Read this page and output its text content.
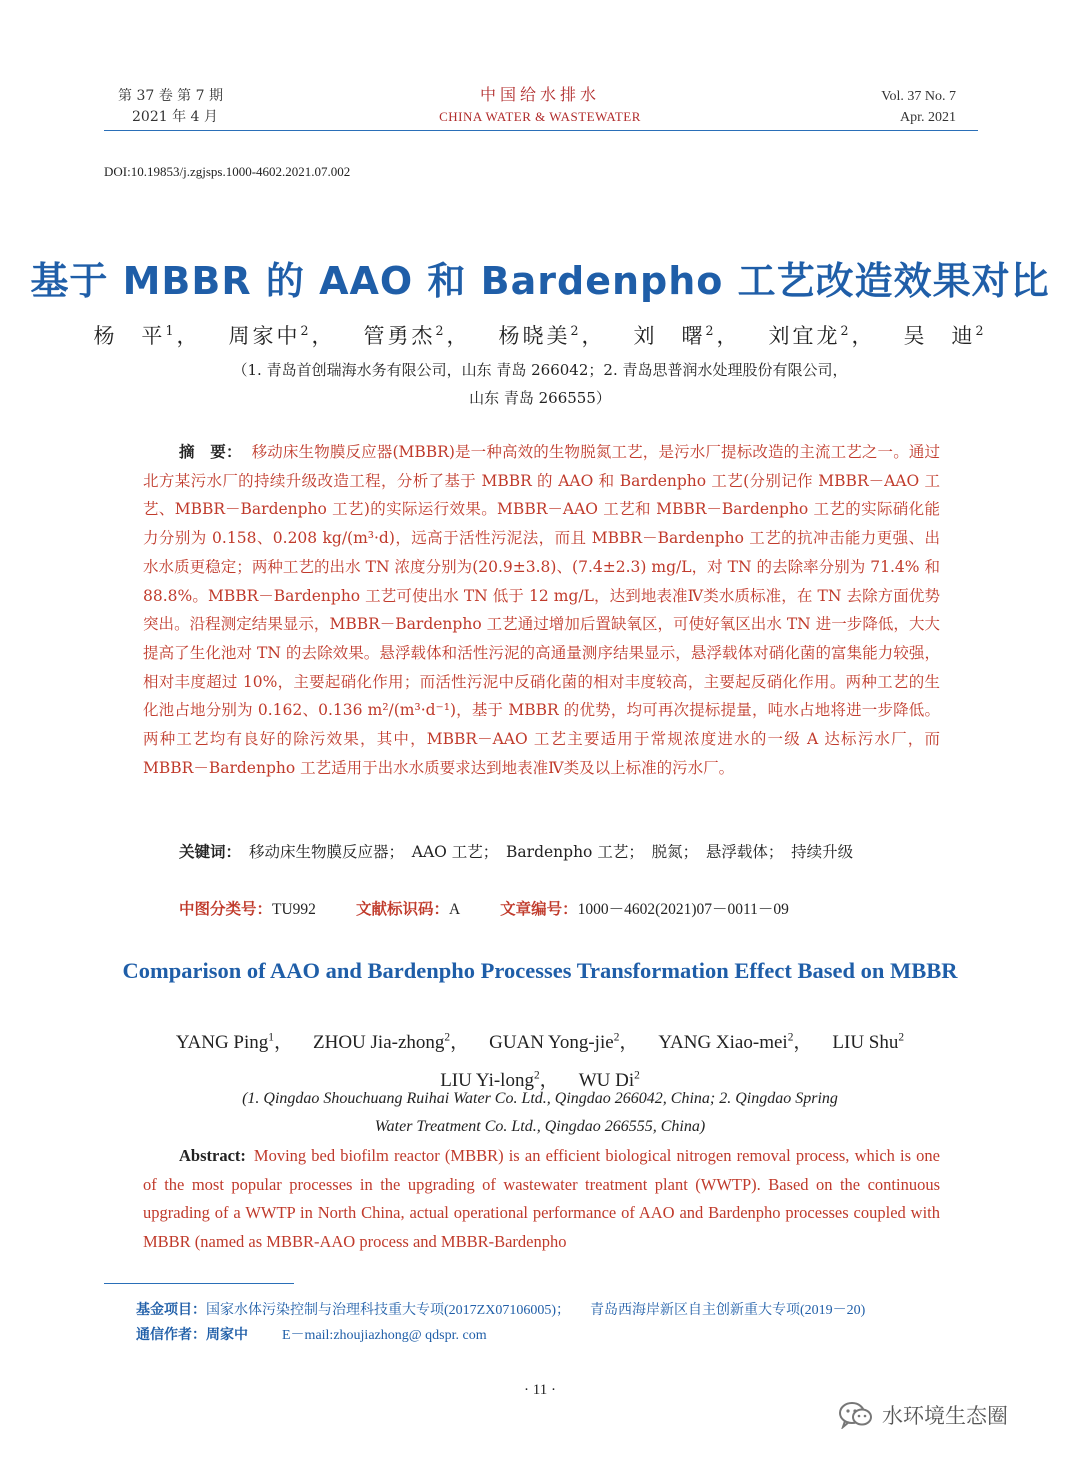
第 37 卷 第 7 期
2021 年 4 月
中国给水排水
CHINA WATER & WASTEWATER
Vol. 37 No. 7
Apr. 2021
DOI:10.19853/j.zgjsps.1000-4602.2021.07.002
基于 MBBR 的 AAO 和 Bardenpho 工艺改造效果对比
杨　平$^1$， 周家中$^2$， 管勇杰$^2$， 杨晓美$^2$， 刘　曙$^2$， 刘宜龙$^2$， 吴　迪$^2$
（1. 青岛首创瑞海水务有限公司，山东 青岛 266042；2. 青岛思普润水处理股份有限公司，
山东 青岛 266555）
摘　要： 移动床生物膜反应器(MBBR)是一种高效的生物脱氮工艺，是污水厂提标改造的主流工艺之一。通过北方某污水厂的持续升级改造工程，分析了基于 MBBR 的 AAO 和 Bardenpho 工艺(分别记作 MBBR－AAO 工艺、MBBR－Bardenpho 工艺)的实际运行效果。MBBR－AAO 工艺和 MBBR－Bardenpho 工艺的实际硝化能力分别为 0.158、0.208 kg/(m³·d)，远高于活性污泥法，而且 MBBR－Bardenpho 工艺的抗冲击能力更强、出水水质更稳定；两种工艺的出水 TN 浓度分别为(20.9±3.8)、(7.4±2.3) mg/L，对 TN 的去除率分别为 71.4% 和 88.8%。MBBR－Bardenpho 工艺可使出水 TN 低于 12 mg/L，达到地表准Ⅳ类水质标准，在 TN 去除方面优势突出。沿程测定结果显示，MBBR－Bardenpho 工艺通过增加后置缺氧区，可使好氧区出水 TN 进一步降低，大大提高了生化池对 TN 的去除效果。悬浮载体和活性污泥的高通量测序结果显示，悬浮载体对硝化菌的富集能力较强，相对丰度超过 10%，主要起硝化作用；而活性污泥中反硝化菌的相对丰度较高，主要起反硝化作用。两种工艺的生化池占地分别为 0.162、0.136 m²/(m³·d⁻¹)，基于 MBBR 的优势，均可再次提标提量，吨水占地将进一步降低。两种工艺均有良好的除污效果，其中，MBBR－AAO 工艺主要适用于常规浓度进水的一级 A 达标污水厂，而 MBBR－Bardenpho 工艺适用于出水水质要求达到地表准Ⅳ类及以上标准的污水厂。
关键词： 移动床生物膜反应器；　AAO 工艺；　Bardenpho 工艺；　脱氮；　悬浮载体；　持续升级
中图分类号：TU992	文献标识码：A	文章编号：1000－4602(2021)07－0011－09
Comparison of AAO and Bardenpho Processes Transformation Effect Based on MBBR
YANG Ping$^1$， ZHOU Jia-zhong$^2$， GUAN Yong-jie$^2$， YANG Xiao-mei$^2$， LIU Shu$^2$
LIU Yi-long$^2$， WU Di$^2$
(1. Qingdao Shouchuang Ruihai Water Co. Ltd., Qingdao 266042, China; 2. Qingdao Spring
Water Treatment Co. Ltd., Qingdao 266555, China)
Abstract: Moving bed biofilm reactor (MBBR) is an efficient biological nitrogen removal process, which is one of the most popular processes in the upgrading of wastewater treatment plant (WWTP). Based on the continuous upgrading of a WWTP in North China, actual operational performance of AAO and Bardenpho processes coupled with MBBR (named as MBBR-AAO process and MBBR-Bardenpho
基金项目：国家水体污染控制与治理科技重大专项(2017ZX07106005)； 青岛西海岸新区自主创新重大专项(2019－20)
通信作者：周家中 E－mail:zhoujiazhong@ qdspr. com
· 11 ·
水环境生态圈
